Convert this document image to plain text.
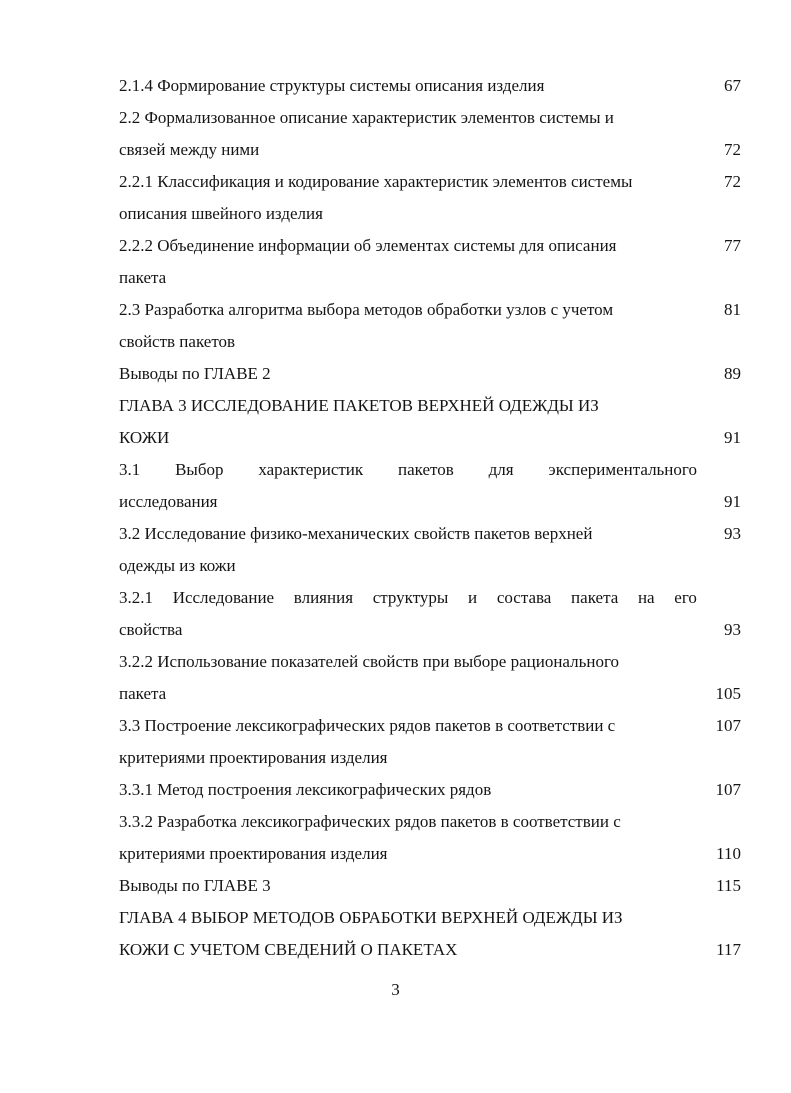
2.1.4 Формирование структуры системы описания изделия	67
2.2 Формализованное описание характеристик элементов системы и
связей между ними	72
2.2.1 Классификация и кодирование характеристик элементов системы	72
описания швейного изделия
2.2.2 Объединение информации об элементах системы для описания	77
пакета
2.3 Разработка алгоритма выбора методов обработки узлов с учетом	81
свойств пакетов
Выводы по ГЛАВЕ 2	89
ГЛАВА 3 ИССЛЕДОВАНИЕ ПАКЕТОВ ВЕРХНЕЙ ОДЕЖДЫ ИЗ
КОЖИ	91
3.1 Выбор характеристик пакетов для экспериментального
исследования	91
3.2 Исследование физико-механических свойств пакетов верхней	93
одежды из кожи
3.2.1 Исследование влияния структуры и состава пакета на его
свойства	93
3.2.2 Использование показателей свойств при выборе рационального
пакета	105
3.3 Построение лексикографических рядов пакетов в соответствии с	107
критериями проектирования изделия
3.3.1 Метод построения лексикографических рядов	107
3.3.2 Разработка лексикографических рядов пакетов в соответствии с
критериями проектирования изделия	110
Выводы по ГЛАВЕ 3	115
ГЛАВА 4 ВЫБОР МЕТОДОВ ОБРАБОТКИ ВЕРХНЕЙ ОДЕЖДЫ ИЗ
КОЖИ С УЧЕТОМ СВЕДЕНИЙ О ПАКЕТАХ	117
3
